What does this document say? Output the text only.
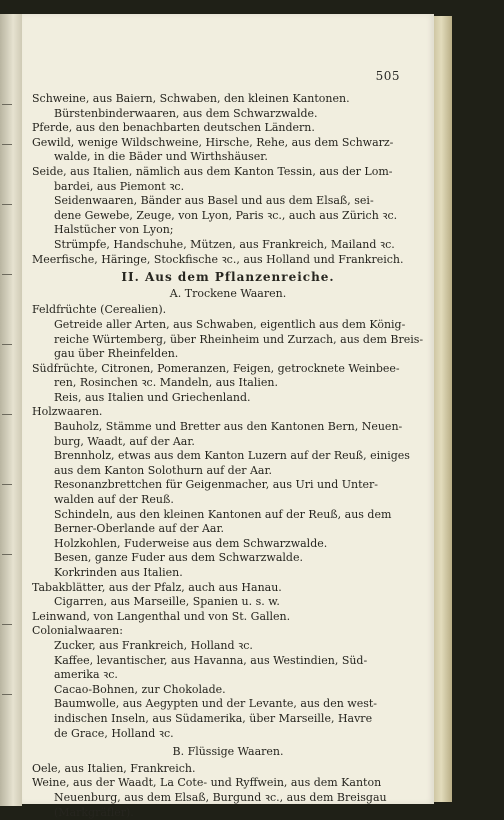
505
Schweine, aus Baiern, Schwaben, den kleinen Kantonen.
Bürstenbinderwaaren, aus dem Schwarzwalde.
Pferde, aus den benachbarten deutschen Ländern.
Gewild, wenige Wildschweine, Hirsche, Rehe, aus dem Schwarz-
walde, in die Bäder und Wirthshäuser.
Seide, aus Italien, nämlich aus dem Kanton Tessin, aus der Lom-
bardei, aus Piemont ꝛc.
Seidenwaaren, Bänder aus Basel und aus dem Elsaß, sei-
dene Gewebe, Zeuge, von Lyon, Paris ꝛc., auch aus Zürich ꝛc.
Halstücher von Lyon;
Strümpfe, Handschuhe, Mützen, aus Frankreich, Mailand ꝛc.
Meerfische, Häringe, Stockfische ꝛc., aus Holland und Frankreich.
II. Aus dem Pflanzenreiche.
A. Trockene Waaren.
Feldfrüchte (Cerealien).
Getreide aller Arten, aus Schwaben, eigentlich aus dem König-
reiche Würtemberg, über Rheinheim und Zurzach, aus dem Breis-
gau über Rheinfelden.
Südfrüchte, Citronen, Pomeranzen, Feigen, getrocknete Weinbee-
ren, Rosinchen ꝛc. Mandeln, aus Italien.
Reis, aus Italien und Griechenland.
Holzwaaren.
Bauholz, Stämme und Bretter aus den Kantonen Bern, Neuen-
burg, Waadt, auf der Aar.
Brennholz, etwas aus dem Kanton Luzern auf der Reuß, einiges
aus dem Kanton Solothurn auf der Aar.
Resonanzbrettchen für Geigenmacher, aus Uri und Unter-
walden auf der Reuß.
Schindeln, aus den kleinen Kantonen auf der Reuß, aus dem
Berner-Oberlande auf der Aar.
Holzkohlen, Fuderweise aus dem Schwarzwalde.
Besen, ganze Fuder aus dem Schwarzwalde.
Korkrinden aus Italien.
Tabakblätter, aus der Pfalz, auch aus Hanau.
Cigarren, aus Marseille, Spanien u. s. w.
Leinwand, von Langenthal und von St. Gallen.
Colonialwaaren:
Zucker, aus Frankreich, Holland ꝛc.
Kaffee, levantischer, aus Havanna, aus Westindien, Süd-
amerika ꝛc.
Cacao-Bohnen, zur Chokolade.
Baumwolle, aus Aegypten und der Levante, aus den west-
indischen Inseln, aus Südamerika, über Marseille, Havre
de Grace, Holland ꝛc.
B. Flüssige Waaren.
Oele, aus Italien, Frankreich.
Weine, aus der Waadt, La Cote- und Ryffwein, aus dem Kanton
Neuenburg, aus dem Elsaß, Burgund ꝛc., aus dem Breisgau
(Markgräfler).
